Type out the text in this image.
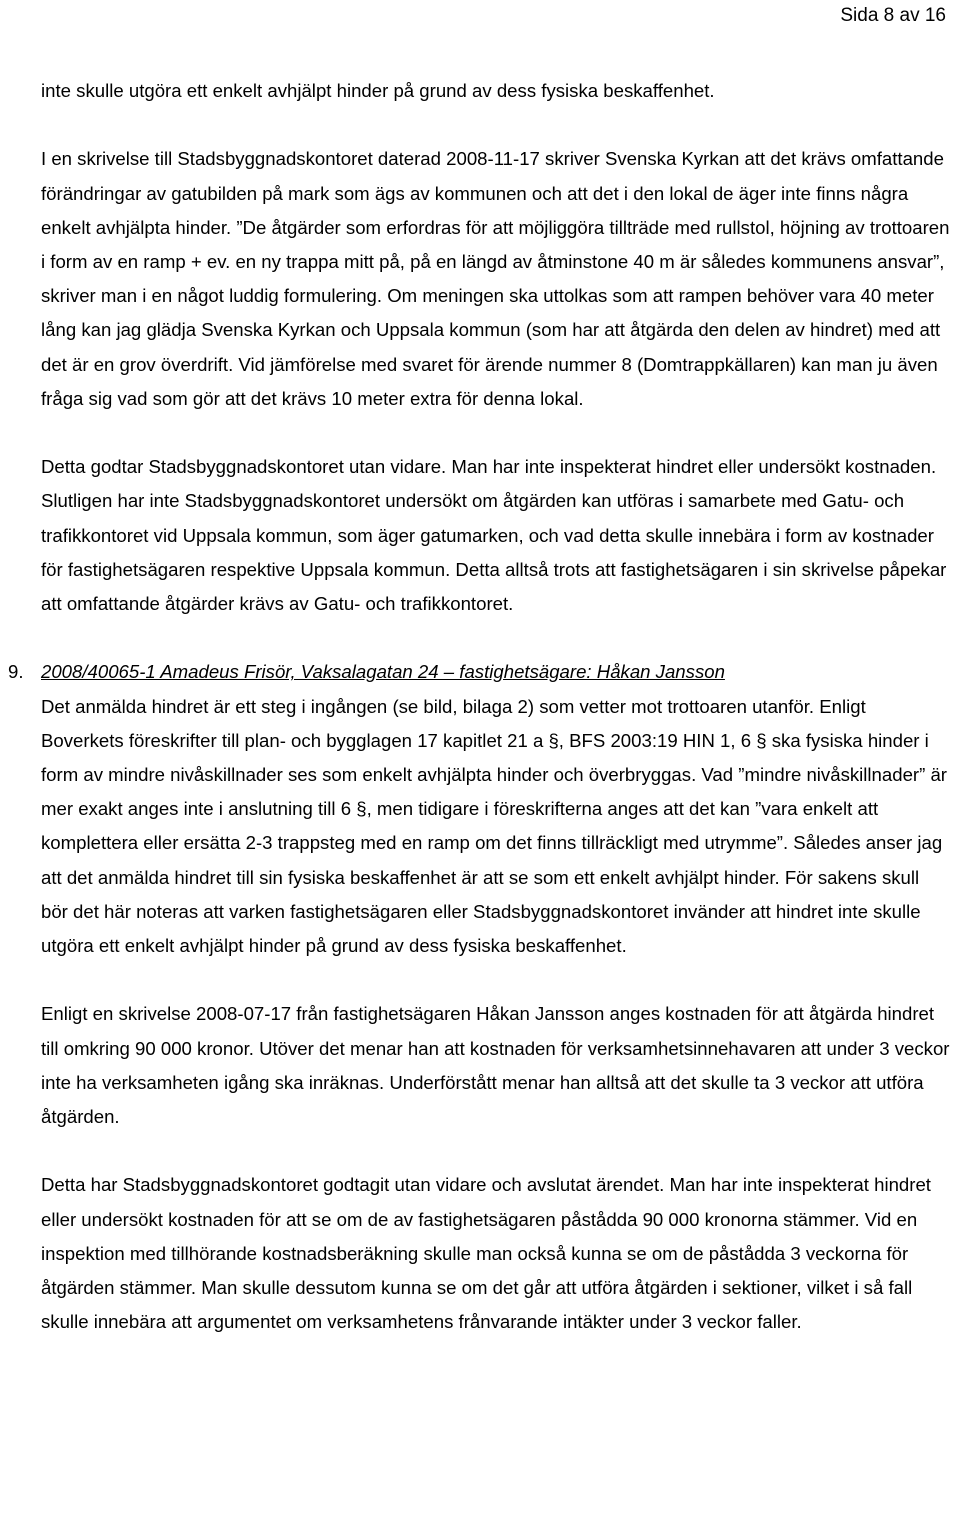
Sida 8 av 16

inte skulle utgöra ett enkelt avhjälpt hinder på grund av dess fysiska beskaffenhet.

I en skrivelse till Stadsbyggnadskontoret daterad 2008-11-17 skriver Svenska Kyrkan att det krävs omfattande förändringar av gatubilden på mark som ägs av kommunen och att det i den lokal de äger inte finns några enkelt avhjälpta hinder. ”De åtgärder som erfordras för att möjliggöra tillträde med rullstol, höjning av trottoaren i form av en ramp + ev. en ny trappa mitt på, på en längd av åtminstone 40 m är således kommunens ansvar”, skriver man i en något luddig formulering. Om meningen ska uttolkas som att rampen behöver vara 40 meter lång kan jag glädja Svenska Kyrkan och Uppsala kommun (som har att åtgärda den delen av hindret) med att det är en grov överdrift. Vid jämförelse med svaret för ärende nummer 8 (Domtrappkällaren) kan man ju även fråga sig vad som gör att det krävs 10 meter extra för denna lokal.

Detta godtar Stadsbyggnadskontoret utan vidare. Man har inte inspekterat hindret eller undersökt kostnaden. Slutligen har inte Stadsbyggnadskontoret undersökt om åtgärden kan utföras i samarbete med Gatu- och trafikkontoret vid Uppsala kommun, som äger gatumarken, och vad detta skulle innebära i form av kostnader för fastighetsägaren respektive Uppsala kommun. Detta alltså trots att fastighetsägaren i sin skrivelse påpekar att omfattande åtgärder krävs av Gatu- och trafikkontoret.

9. 2008/40065-1 Amadeus Frisör, Vaksalagatan 24 – fastighetsägare: Håkan Jansson

Det anmälda hindret är ett steg i ingången (se bild, bilaga 2) som vetter mot trottoaren utanför. Enligt Boverkets föreskrifter till plan- och bygglagen 17 kapitlet 21 a §, BFS 2003:19 HIN 1, 6 § ska fysiska hinder i form av mindre nivåskillnader ses som enkelt avhjälpta hinder och överbryggas. Vad ”mindre nivåskillnader” är mer exakt anges inte i anslutning till 6 §, men tidigare i föreskrifterna anges att det kan ”vara enkelt att komplettera eller ersätta 2-3 trappsteg med en ramp om det finns tillräckligt med utrymme”. Således anser jag att det anmälda hindret till sin fysiska beskaffenhet är att se som ett enkelt avhjälpt hinder. För sakens skull bör det här noteras att varken fastighetsägaren eller Stadsbyggnadskontoret invänder att hindret inte skulle utgöra ett enkelt avhjälpt hinder på grund av dess fysiska beskaffenhet.

Enligt en skrivelse 2008-07-17 från fastighetsägaren Håkan Jansson anges kostnaden för att åtgärda hindret till omkring 90 000 kronor. Utöver det menar han att kostnaden för verksamhetsinnehavaren att under 3 veckor inte ha verksamheten igång ska inräknas. Underförstått menar han alltså att det skulle ta 3 veckor att utföra åtgärden.

Detta har Stadsbyggnadskontoret godtagit utan vidare och avslutat ärendet. Man har inte inspekterat hindret eller undersökt kostnaden för att se om de av fastighetsägaren påstådda 90 000 kronorna stämmer. Vid en inspektion med tillhörande kostnadsberäkning skulle man också kunna se om de påstådda 3 veckorna för åtgärden stämmer. Man skulle dessutom kunna se om det går att utföra åtgärden i sektioner, vilket i så fall skulle innebära att argumentet om verksamhetens frånvarande intäkter under 3 veckor faller.
